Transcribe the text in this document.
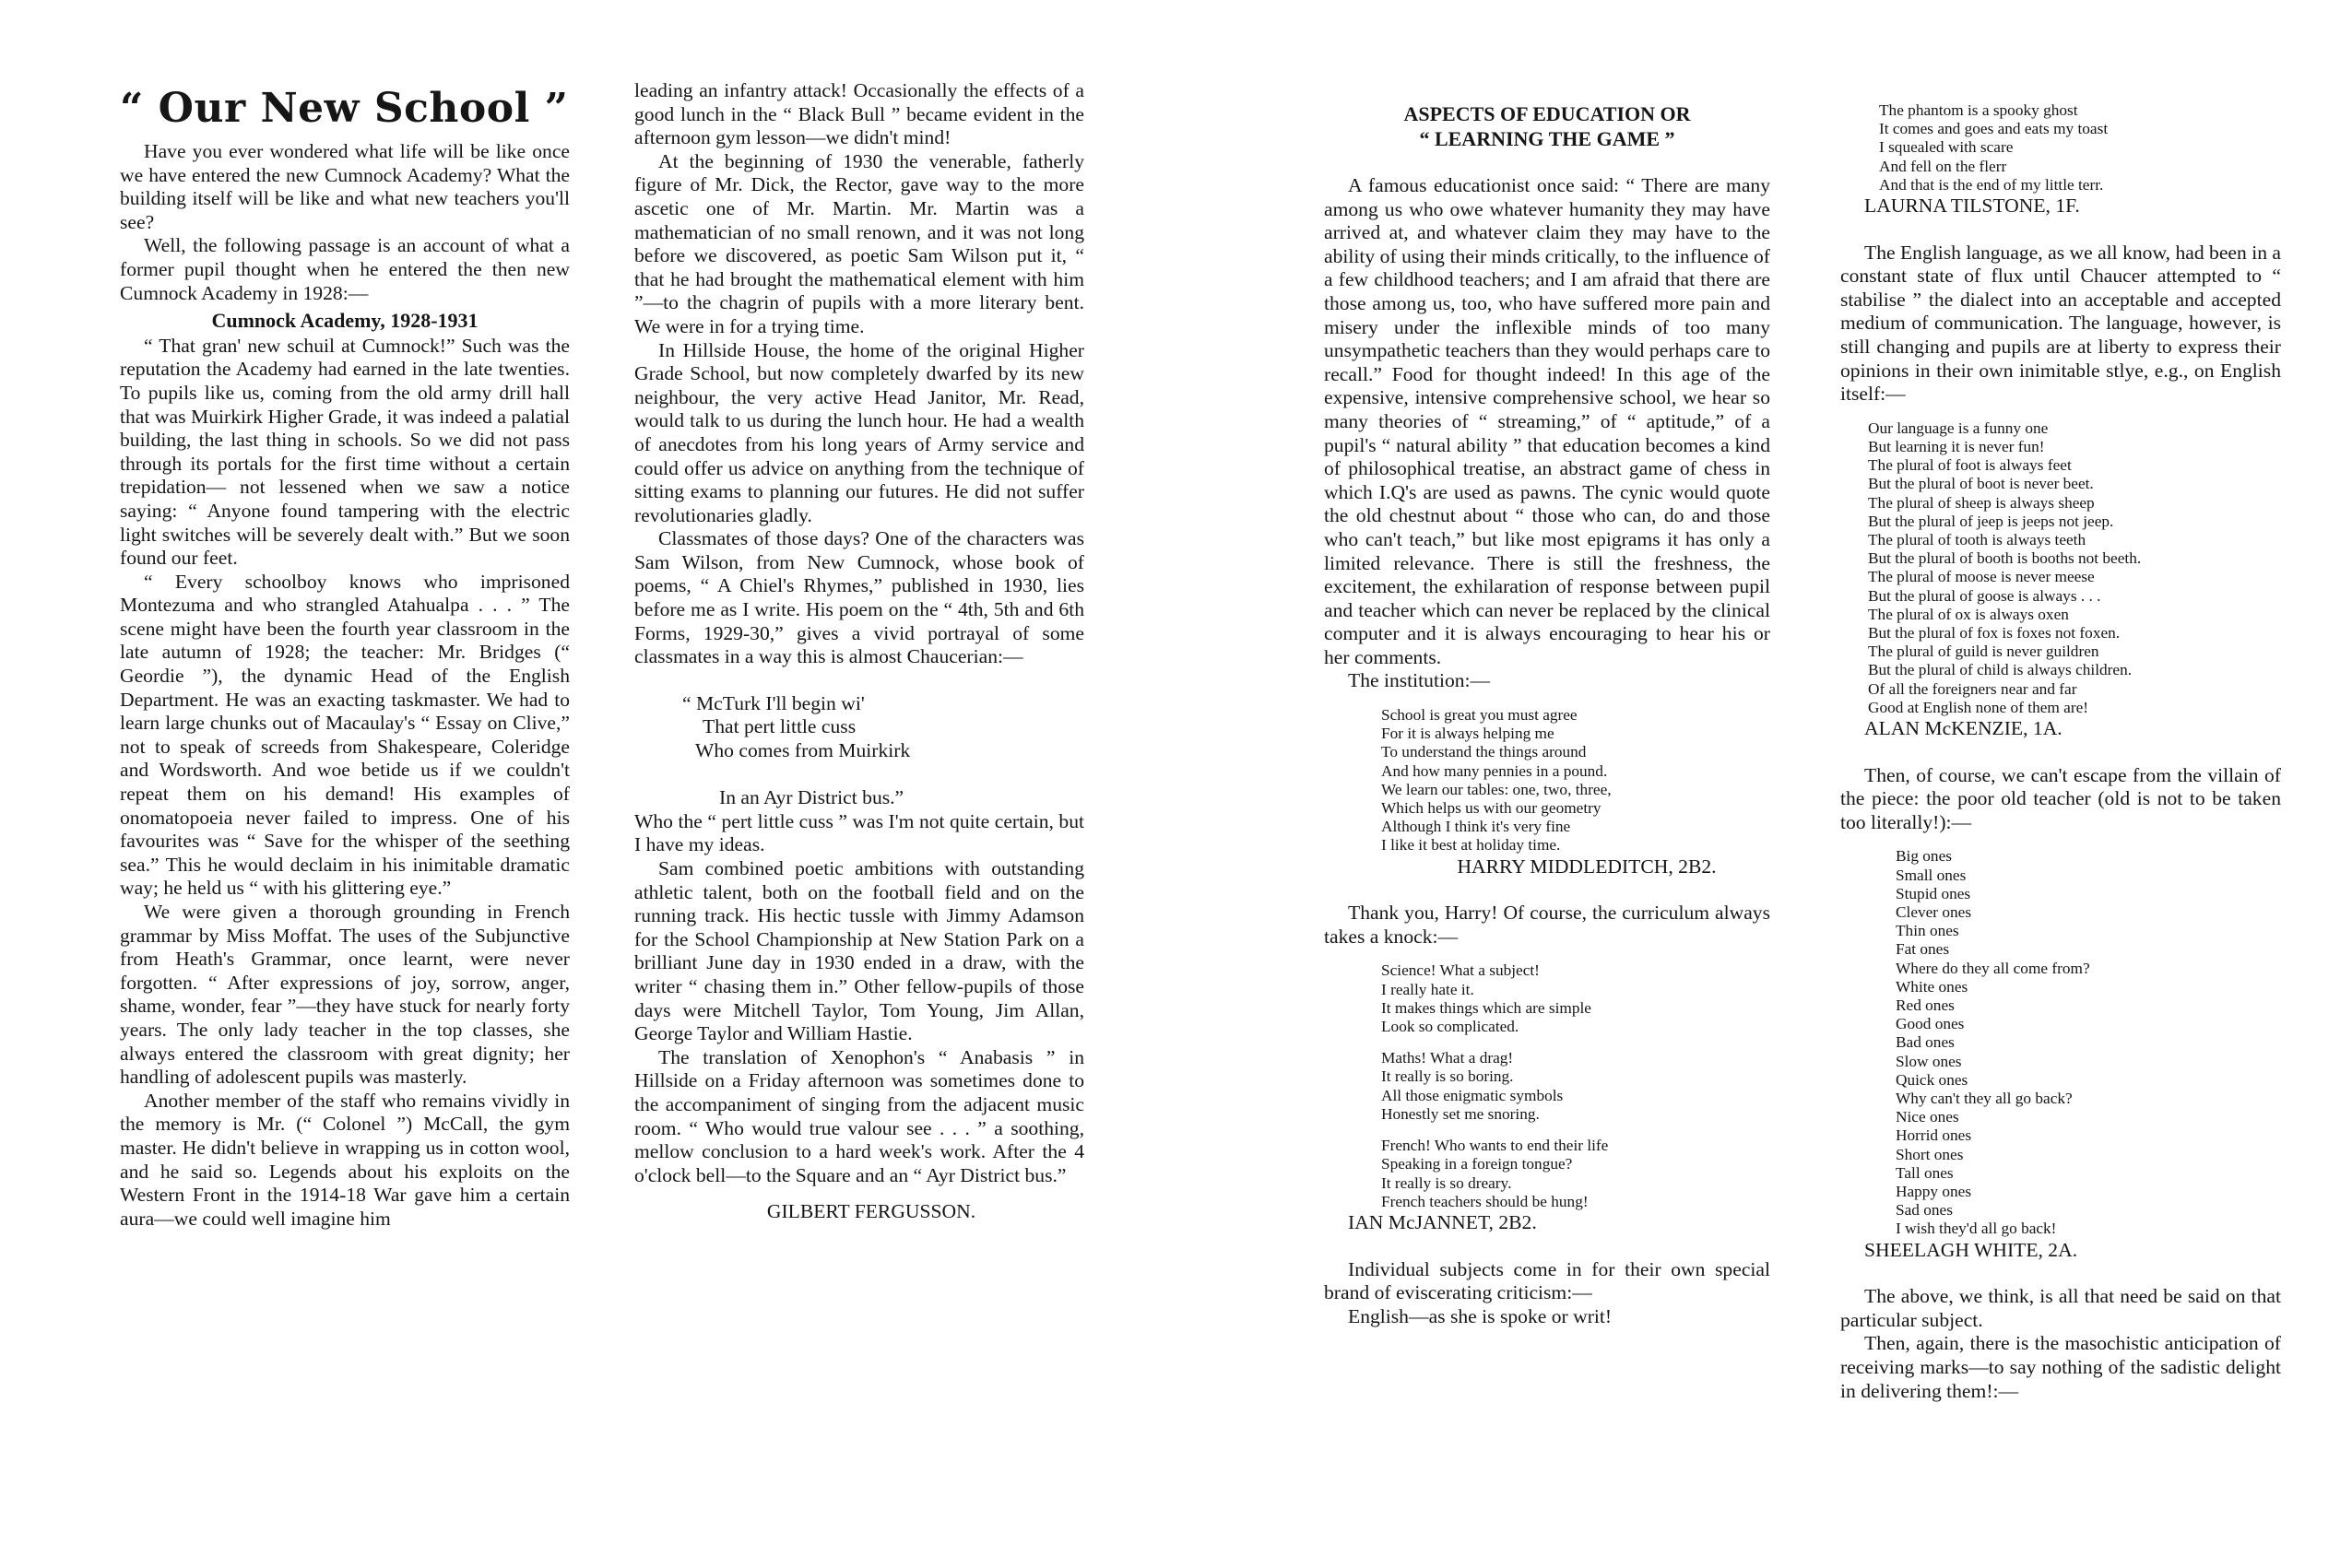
“ Our New School ”

Have you ever wondered what life will be like once we have entered the new Cumnock Academy? What the building itself will be like and what new teachers you'll see?

Well, the following passage is an account of what a former pupil thought when he entered the then new Cumnock Academy in 1928:—

Cumnock Academy, 1928-1931

“ That gran' new schuil at Cumnock!” Such was the reputation the Academy had earned in the late twenties. To pupils like us, coming from the old army drill hall that was Muirkirk Higher Grade, it was indeed a palatial building, the last thing in schools. So we did not pass through its portals for the first time without a certain trepidation— not lessened when we saw a notice saying: “ Anyone found tampering with the electric light switches will be severely dealt with.” But we soon found our feet.

“ Every schoolboy knows who imprisoned Montezuma and who strangled Atahualpa . . . ” The scene might have been the fourth year classroom in the late autumn of 1928; the teacher: Mr. Bridges (“ Geordie ”), the dynamic Head of the English Department. He was an exacting taskmaster. We had to learn large chunks out of Macaulay's “ Essay on Clive,” not to speak of screeds from Shakespeare, Coleridge and Wordsworth. And woe betide us if we couldn't repeat them on his demand! His examples of onomatopoeia never failed to impress. One of his favourites was “ Save for the whisper of the seething sea.” This he would declaim in his inimitable dramatic way; he held us “ with his glittering eye.”

We were given a thorough grounding in French grammar by Miss Moffat. The uses of the Subjunctive from Heath's Grammar, once learnt, were never forgotten. “ After expressions of joy, sorrow, anger, shame, wonder, fear ”—they have stuck for nearly forty years. The only lady teacher in the top classes, she always entered the classroom with great dignity; her handling of adolescent pupils was masterly.

Another member of the staff who remains vividly in the memory is Mr. (“ Colonel ”) McCall, the gym master. He didn't believe in wrapping us in cotton wool, and he said so. Legends about his exploits on the Western Front in the 1914-18 War gave him a certain aura—we could well imagine him

leading an infantry attack! Occasionally the effects of a good lunch in the “ Black Bull ” became evident in the afternoon gym lesson—we didn't mind!

At the beginning of 1930 the venerable, fatherly figure of Mr. Dick, the Rector, gave way to the more ascetic one of Mr. Martin. Mr. Martin was a mathematician of no small renown, and it was not long before we discovered, as poetic Sam Wilson put it, “ that he had brought the mathematical element with him ”—to the chagrin of pupils with a more literary bent. We were in for a trying time.

In Hillside House, the home of the original Higher Grade School, but now completely dwarfed by its new neighbour, the very active Head Janitor, Mr. Read, would talk to us during the lunch hour. He had a wealth of anecdotes from his long years of Army service and could offer us advice on anything from the technique of sitting exams to planning our futures. He did not suffer revolutionaries gladly.

Classmates of those days? One of the characters was Sam Wilson, from New Cumnock, whose book of poems, “ A Chiel's Rhymes,” published in 1930, lies before me as I write. His poem on the “ 4th, 5th and 6th Forms, 1929-30,” gives a vivid portrayal of some classmates in a way this is almost Chaucerian:—

“ McTurk I'll begin wi'
That pert little cuss
Who comes from Muirkirk
In an Ayr District bus.”

Who the “ pert little cuss ” was I'm not quite certain, but I have my ideas.

Sam combined poetic ambitions with outstanding athletic talent, both on the football field and on the running track. His hectic tussle with Jimmy Adamson for the School Championship at New Station Park on a brilliant June day in 1930 ended in a draw, with the writer “ chasing them in.” Other fellow-pupils of those days were Mitchell Taylor, Tom Young, Jim Allan, George Taylor and William Hastie.

The translation of Xenophon's “ Anabasis ” in Hillside on a Friday afternoon was sometimes done to the accompaniment of singing from the adjacent music room. “ Who would true valour see . . . ” a soothing, mellow conclusion to a hard week's work. After the 4 o'clock bell—to the Square and an “ Ayr District bus.”

GILBERT FERGUSSON.

ASPECTS OF EDUCATION OR
“ LEARNING THE GAME ”

A famous educationist once said: “ There are many among us who owe whatever humanity they may have arrived at, and whatever claim they may have to the ability of using their minds critically, to the influence of a few childhood teachers; and I am afraid that there are those among us, too, who have suffered more pain and misery under the inflexible minds of too many unsympathetic teachers than they would perhaps care to recall.” Food for thought indeed! In this age of the expensive, intensive comprehensive school, we hear so many theories of “ streaming,” of “ aptitude,” of a pupil's “ natural ability ” that education becomes a kind of philosophical treatise, an abstract game of chess in which I.Q's are used as pawns. The cynic would quote the old chestnut about “ those who can, do and those who can't teach,” but like most epigrams it has only a limited relevance. There is still the freshness, the excitement, the exhilaration of response between pupil and teacher which can never be replaced by the clinical computer and it is always encouraging to hear his or her comments.

The institution:—

School is great you must agree
For it is always helping me
To understand the things around
And how many pennies in a pound.
We learn our tables: one, two, three,
Which helps us with our geometry
Although I think it's very fine
I like it best at holiday time.

HARRY MIDDLEDITCH, 2B2.

Thank you, Harry! Of course, the curriculum always takes a knock:—

Science! What a subject!
I really hate it.
It makes things which are simple
Look so complicated.
Maths! What a drag!
It really is so boring.
All those enigmatic symbols
Honestly set me snoring.
French! Who wants to end their life
Speaking in a foreign tongue?
It really is so dreary.
French teachers should be hung!

IAN McJANNET, 2B2.

Individual subjects come in for their own special brand of eviscerating criticism:—

English—as she is spoke or writ!

The phantom is a spooky ghost
It comes and goes and eats my toast
I squealed with scare
And fell on the flerr
And that is the end of my little terr.

LAURNA TILSTONE, 1F.

The English language, as we all know, had been in a constant state of flux until Chaucer attempted to “ stabilise ” the dialect into an acceptable and accepted medium of communication. The language, however, is still changing and pupils are at liberty to express their opinions in their own inimitable stlye, e.g., on English itself:—

Our language is a funny one
But learning it is never fun!
The plural of foot is always feet
But the plural of boot is never beet.
The plural of sheep is always sheep
But the plural of jeep is jeeps not jeep.
The plural of tooth is always teeth
But the plural of booth is booths not beeth.
The plural of moose is never meese
But the plural of goose is always . . .
The plural of ox is always oxen
But the plural of fox is foxes not foxen.
The plural of guild is never guildren
But the plural of child is always children.
Of all the foreigners near and far
Good at English none of them are!

ALAN McKENZIE, 1A.

Then, of course, we can't escape from the villain of the piece: the poor old teacher (old is not to be taken too literally!):—

Big ones
Small ones
Stupid ones
Clever ones
Thin ones
Fat ones
Where do they all come from?
White ones
Red ones
Good ones
Bad ones
Slow ones
Quick ones
Why can't they all go back?
Nice ones
Horrid ones
Short ones
Tall ones
Happy ones
Sad ones
I wish they'd all go back!

SHEELAGH WHITE, 2A.

The above, we think, is all that need be said on that particular subject.

Then, again, there is the masochistic anticipation of receiving marks—to say nothing of the sadistic delight in delivering them!:—
